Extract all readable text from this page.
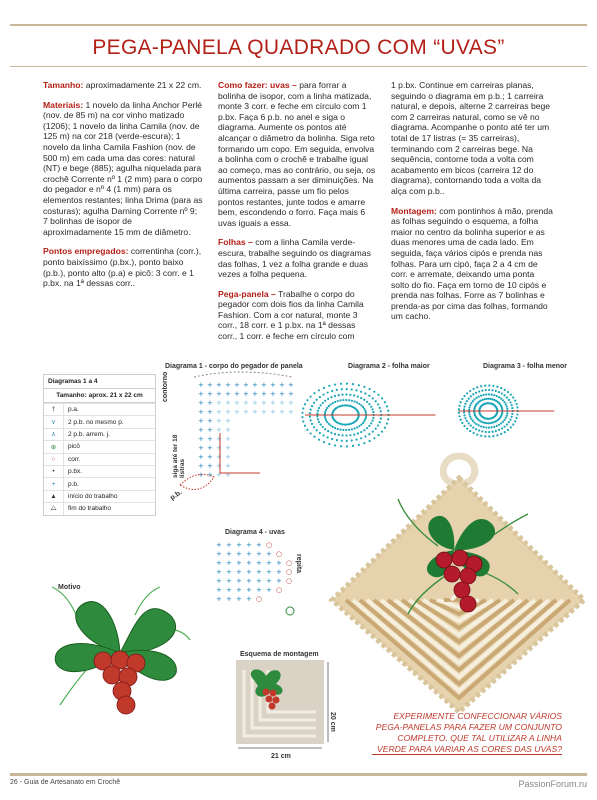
PEGA-PANELA QUADRADO COM “UVAS”

Tamanho: aproximadamente 21 x 22 cm.

Materiais: 1 novelo da linha Anchor Perlé (nov. de 85 m) na cor vinho matizado (1206); 1 novelo da linha Camila (nov. de 125 m) na cor 218 (verde-escura); 1 novelo da linha Camila Fashion (nov. de 500 m) em cada uma das cores: natural (NT) e bege (885); agulha niquelada para crochê Corrente nº 1 (2 mm) para o corpo do pegador e nº 4 (1 mm) para os elementos restantes; linha Drima (para as costuras); agulha Darning Corrente nº 9; 7 bolinhas de isopor de aproximadamente 15 mm de diâmetro.

Pontos empregados: correntinha (corr.), ponto baixíssimo (p.bx.), ponto baixo (p.b.), ponto alto (p.a) e picô: 3 corr. e 1 p.bx. na 1ª dessas corr..

Como fazer: uvas – para forrar a bolinha de isopor, com a linha matizada, monte 3 corr. e feche em círculo com 1 p.bx. Faça 6 p.b. no anel e siga o diagrama. Aumente os pontos até alcançar o diâmetro da bolinha. Siga reto formando um copo. Em seguida, envolva a bolinha com o crochê e trabalhe igual ao começo, mas ao contrário, ou seja, os aumentos passam a ser diminuições. Na última carreira, passe um fio pelos pontos restantes, junte todos e amarre bem, escondendo o forro. Faça mais 6 uvas iguais a essa.

Folhas – com a linha Camila verde-escura, trabalhe seguindo os diagramas das folhas, 1 vez a folha grande e duas vezes a folha pequena.

Pega-panela – Trabalhe o corpo do pegador com dois fios da linha Camila Fashion. Com a cor natural, monte 3 corr., 18 corr. e 1 p.bx. na 1ª dessas corr., 1 corr. e feche em círculo com

1 p.bx. Continue em carreiras planas, seguindo o diagrama em p.b.; 1 carreira natural, e depois, alterne 2 carreiras bege com 2 carreiras natural, como se vê no diagrama. Acompanhe o ponto até ter um total de 17 listras (= 35 carreiras), terminando com 2 carreiras bege. Na sequência, contorne toda a volta com acabamento em bicos (carreira 12 do diagrama), contornando toda a volta da alça com p.b..

Montagem: com pontinhos à mão, prenda as folhas seguindo o esquema, a folha maior no centro da bolinha superior e as duas menores uma de cada lado. Em seguida, faça vários cipós e prenda nas folhas. Para um cipó, faça 2 a 4 cm de corr. e arremate, deixando uma ponta solto do fio. Faça em torno de 10 cipós e prenda nas folhas. Forre as 7 bolinhas e prenda-as por cima das folhas, formando um cacho.

Diagramas 1 a 4
Tamanho: aprox. 21 x 22 cm
†	p.a.
⋎	2 p.b. no mesmo p.
⋏	2 p.b. arrem. j.
⊕	picô
○	corr.
•	p.bx.
+	p.b.
▲	início do trabalho
⧍	fim do trabalho
Diagrama 1 - corpo do pegador de panela	Diagrama 2 - folha maior	Diagrama 3 - folha menor
Diagrama 4 - uvas
Motivo
Esquema de montagem
contorno
siga até ter 18 listras
p.b.
repita
20 cm
21 cm
+ + + + + + + + + + +
+ + + + + + + + + + +
+ + + + + + + + + + +
+ + + + + + + + + + +
+ + + +
+ + + +
+ + + +
+ + + +
+ + + +
+ + + +
+ + + +
+ + + + + ○
+ + + + + + ○
+ + + + + + + ○
+ + + + + + + ○
+ + + + + + + ○
+ + + + + + ○
+ + + + ○
EXPERIMENTE CONFECCIONAR VÁRIOS PEGA-PANELAS PARA FAZER UM CONJUNTO COMPLETO. QUE TAL UTILIZAR A LINHA VERDE PARA VARIAR AS CORES DAS UVAS?
26 - Guia de Artesanato em Crochê	PassionForum.ru
